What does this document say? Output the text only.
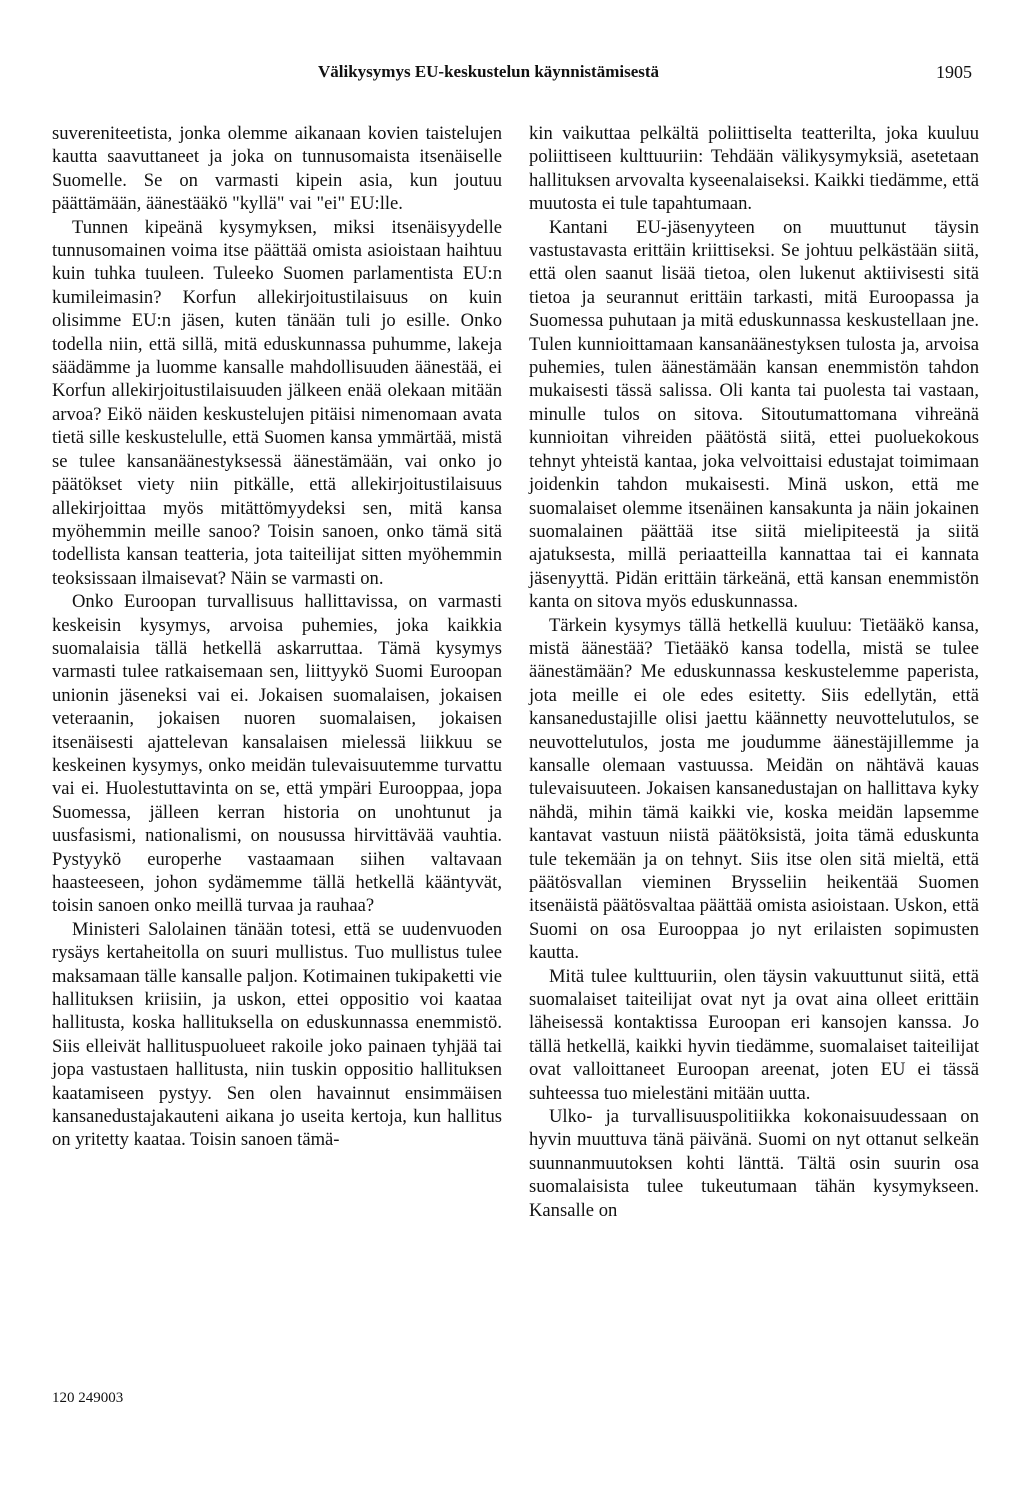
Välikysymys EU-keskustelun käynnistämisestä	1905

suvereniteetista, jonka olemme aikanaan kovien taistelujen kautta saavuttaneet ja joka on tunnusomaista itsenäiselle Suomelle. Se on varmasti kipein asia, kun joutuu päättämään, äänestääkö "kyllä" vai "ei" EU:lle.

Tunnen kipeänä kysymyksen, miksi itsenäisyydelle tunnusomainen voima itse päättää omista asioistaan haihtuu kuin tuhka tuuleen. Tuleeko Suomen parlamentista EU:n kumileimasin? Korfun allekirjoitustilaisuus on kuin olisimme EU:n jäsen, kuten tänään tuli jo esille. Onko todella niin, että sillä, mitä eduskunnassa puhumme, lakeja säädämme ja luomme kansalle mahdollisuuden äänestää, ei Korfun allekirjoitustilaisuuden jälkeen enää olekaan mitään arvoa? Eikö näiden keskustelujen pitäisi nimenomaan avata tietä sille keskustelulle, että Suomen kansa ymmärtää, mistä se tulee kansanäänestyksessä äänestämään, vai onko jo päätökset viety niin pitkälle, että allekirjoitustilaisuus allekirjoittaa myös mitättömyydeksi sen, mitä kansa myöhemmin meille sanoo? Toisin sanoen, onko tämä sitä todellista kansan teatteria, jota taiteilijat sitten myöhemmin teoksissaan ilmaisevat? Näin se varmasti on.

Onko Euroopan turvallisuus hallittavissa, on varmasti keskeisin kysymys, arvoisa puhemies, joka kaikkia suomalaisia tällä hetkellä askarruttaa. Tämä kysymys varmasti tulee ratkaisemaan sen, liittyykö Suomi Euroopan unionin jäseneksi vai ei. Jokaisen suomalaisen, jokaisen veteraanin, jokaisen nuoren suomalaisen, jokaisen itsenäisesti ajattelevan kansalaisen mielessä liikkuu se keskeinen kysymys, onko meidän tulevaisuutemme turvattu vai ei. Huolestuttavinta on se, että ympäri Eurooppaa, jopa Suomessa, jälleen kerran historia on unohtunut ja uusfasismi, nationalismi, on nousussa hirvittävää vauhtia. Pystyykö europerhe vastaamaan siihen valtavaan haasteeseen, johon sydämemme tällä hetkellä kääntyvät, toisin sanoen onko meillä turvaa ja rauhaa?

Ministeri Salolainen tänään totesi, että se uudenvuoden rysäys kertaheitolla on suuri mullistus. Tuo mullistus tulee maksamaan tälle kansalle paljon. Kotimainen tukipaketti vie hallituksen kriisiin, ja uskon, ettei oppositio voi kaataa hallitusta, koska hallituksella on eduskunnassa enemmistö. Siis elleivät hallituspuolueet rakoile joko painaen tyhjää tai jopa vastustaen hallitusta, niin tuskin oppositio hallituksen kaatamiseen pystyy. Sen olen havainnut ensimmäisen kansanedustajakauteni aikana jo useita kertoja, kun hallitus on yritetty kaataa. Toisin sanoen tämä-

kin vaikuttaa pelkältä poliittiselta teatterilta, joka kuuluu poliittiseen kulttuuriin: Tehdään välikysymyksiä, asetetaan hallituksen arvovalta kyseenalaiseksi. Kaikki tiedämme, että muutosta ei tule tapahtumaan.

Kantani EU-jäsenyyteen on muuttunut täysin vastustavasta erittäin kriittiseksi. Se johtuu pelkästään siitä, että olen saanut lisää tietoa, olen lukenut aktiivisesti sitä tietoa ja seurannut erittäin tarkasti, mitä Euroopassa ja Suomessa puhutaan ja mitä eduskunnassa keskustellaan jne. Tulen kunnioittamaan kansanäänestyksen tulosta ja, arvoisa puhemies, tulen äänestämään kansan enemmistön tahdon mukaisesti tässä salissa. Oli kanta tai puolesta tai vastaan, minulle tulos on sitova. Sitoutumattomana vihreänä kunnioitan vihreiden päätöstä siitä, ettei puoluekokous tehnyt yhteistä kantaa, joka velvoittaisi edustajat toimimaan joidenkin tahdon mukaisesti. Minä uskon, että me suomalaiset olemme itsenäinen kansakunta ja näin jokainen suomalainen päättää itse siitä mielipiteestä ja siitä ajatuksesta, millä periaatteilla kannattaa tai ei kannata jäsenyyttä. Pidän erittäin tärkeänä, että kansan enemmistön kanta on sitova myös eduskunnassa.

Tärkein kysymys tällä hetkellä kuuluu: Tietääkö kansa, mistä äänestää? Tietääkö kansa todella, mistä se tulee äänestämään? Me eduskunnassa keskustelemme paperista, jota meille ei ole edes esitetty. Siis edellytän, että kansanedustajille olisi jaettu käännetty neuvottelutulos, se neuvottelutulos, josta me joudumme äänestäjillemme ja kansalle olemaan vastuussa. Meidän on nähtävä kauas tulevaisuuteen. Jokaisen kansanedustajan on hallittava kyky nähdä, mihin tämä kaikki vie, koska meidän lapsemme kantavat vastuun niistä päätöksistä, joita tämä eduskunta tule tekemään ja on tehnyt. Siis itse olen sitä mieltä, että päätösvallan vieminen Brysseliin heikentää Suomen itsenäistä päätösvaltaa päättää omista asioistaan. Uskon, että Suomi on osa Eurooppaa jo nyt erilaisten sopimusten kautta.

Mitä tulee kulttuuriin, olen täysin vakuuttunut siitä, että suomalaiset taiteilijat ovat nyt ja ovat aina olleet erittäin läheisessä kontaktissa Euroopan eri kansojen kanssa. Jo tällä hetkellä, kaikki hyvin tiedämme, suomalaiset taiteilijat ovat valloittaneet Euroopan areenat, joten EU ei tässä suhteessa tuo mielestäni mitään uutta.

Ulko- ja turvallisuuspolitiikka kokonaisuudessaan on hyvin muuttuva tänä päivänä. Suomi on nyt ottanut selkeän suunnanmuutoksen kohti länttä. Tältä osin suurin osa suomalaisista tulee tukeutumaan tähän kysymykseen. Kansalle on

120 249003
